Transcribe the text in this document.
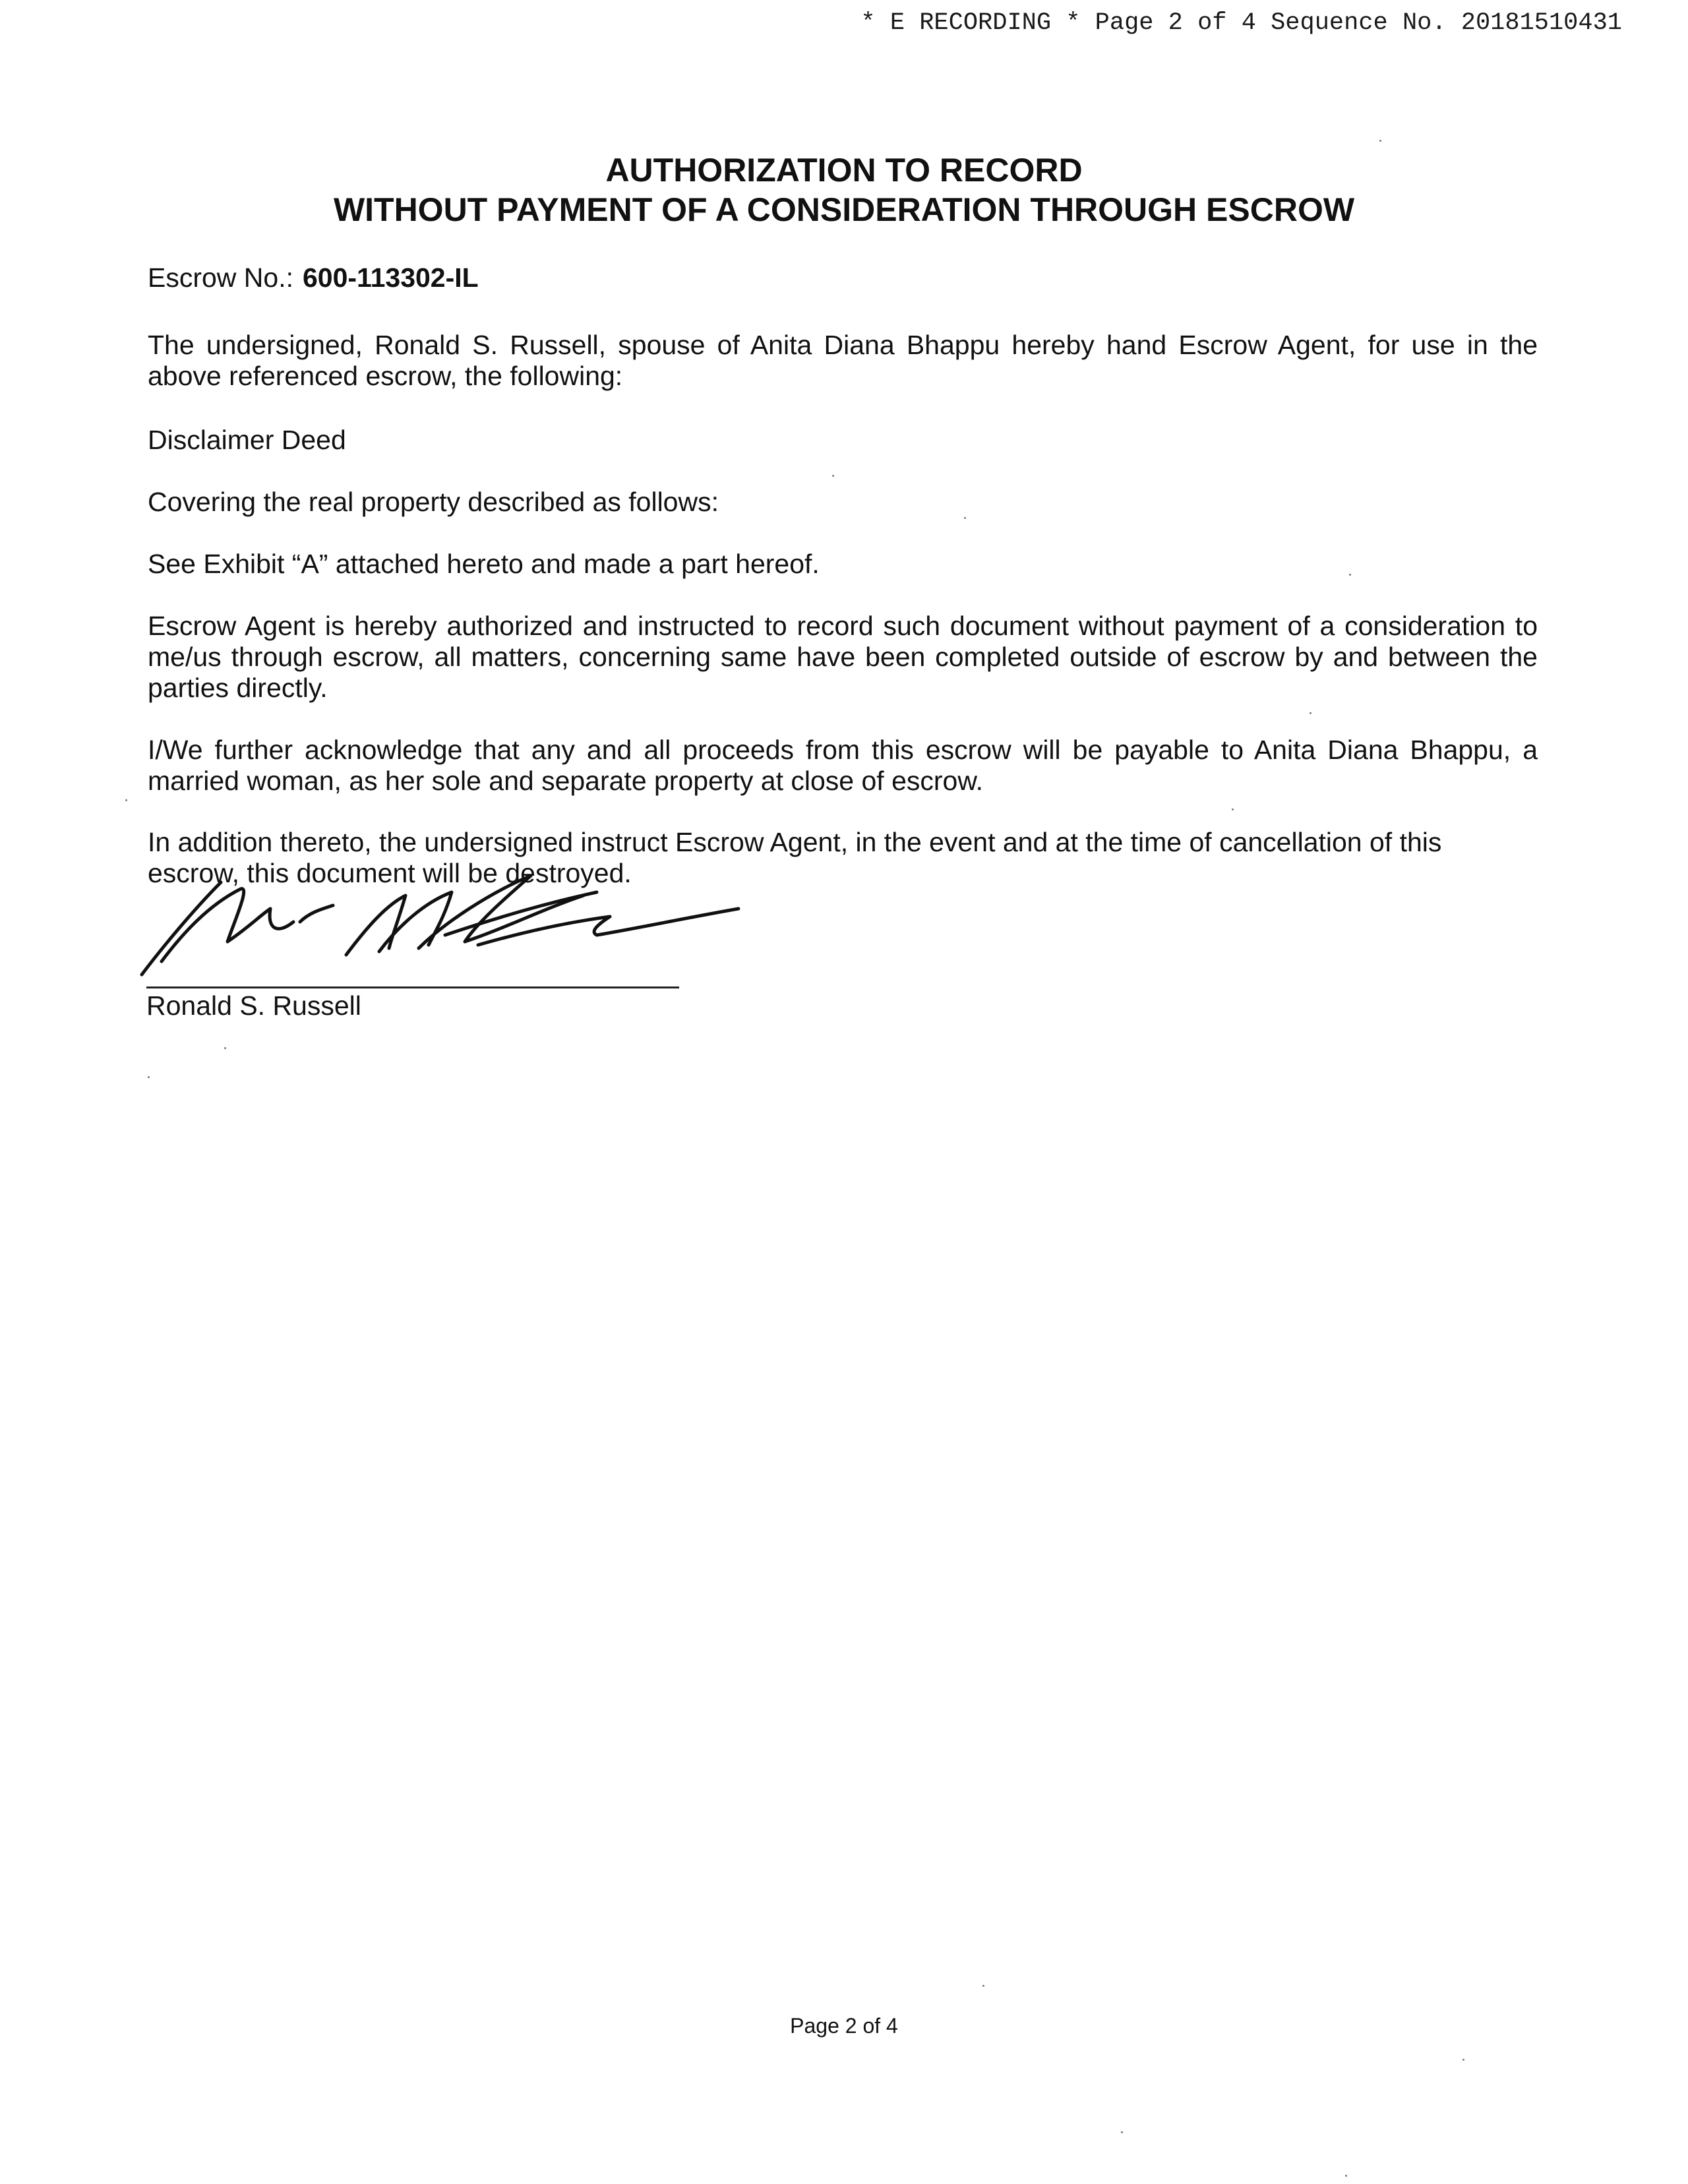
* E RECORDING * Page 2 of 4 Sequence No. 20181510431
AUTHORIZATION TO RECORD
WITHOUT PAYMENT OF A CONSIDERATION THROUGH ESCROW
Escrow No.: 600-113302-IL
The undersigned, Ronald S. Russell, spouse of Anita Diana Bhappu hereby hand Escrow Agent, for use in the above referenced escrow, the following:
Disclaimer Deed
Covering the real property described as follows:
See Exhibit “A” attached hereto and made a part hereof.
Escrow Agent is hereby authorized and instructed to record such document without payment of a consideration to me/us through escrow, all matters, concerning same have been completed outside of escrow by and between the parties directly.
I/We further acknowledge that any and all proceeds from this escrow will be payable to Anita Diana Bhappu, a married woman, as her sole and separate property at close of escrow.
In addition thereto, the undersigned instruct Escrow Agent, in the event and at the time of cancellation of this escrow, this document will be destroyed.
Ronald S. Russell
Page 2 of 4
